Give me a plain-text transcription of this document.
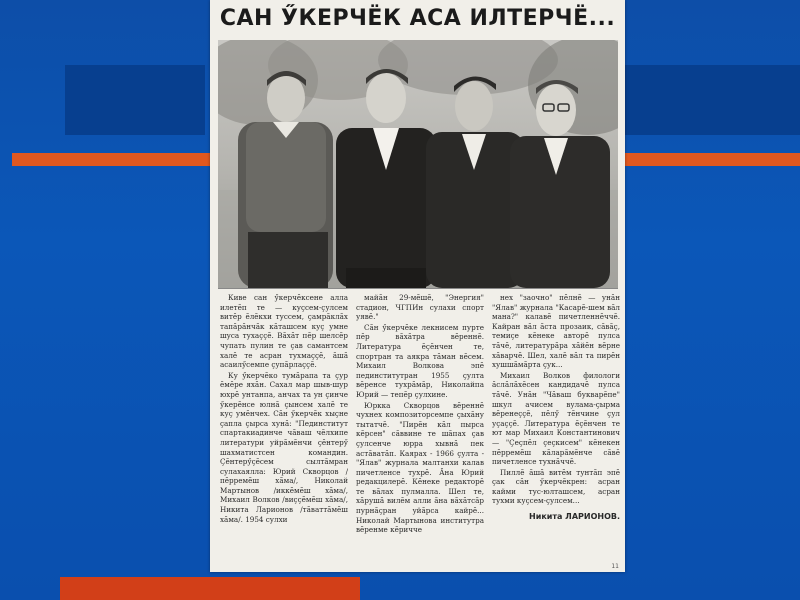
САН ӲКЕРЧЁК АСА ИЛТЕРЧЁ...

Киве сан ӳкерчӗксене алла илетӗп те — куҫсем-ҫулсем витӗр ӗлӗкхи туссем, ҫамрӑклӑх тапӑрӑнчӑк кӑтaшсем куҫ умне шуса тухаҫҫӗ. Вӑхӑт пӗр шелсӗр чупать пулин те ҫав самантсем халӗ те асран тухмаҫҫӗ, ӑшӑ асаилӳсемпе ҫупӑрлаҫҫӗ.

Ку ӳкерчӗко тумӑрапа та ҫур ӗмӗре яхӑн. Сахал мар шыв-шур юхрӗ унтанпа, анчах та ун ҫинче ӳкерӗнсе юлнӑ ҫынсем халӗ те куҫ умӗнчех. Сӑн ӳкерчӗк хыҫне ҫапла ҫырса хунӑ: "Пединститут спартакиадинче чӑваш чӗлхипе литератури уйрӑмӗнчи ҫӗнтерӳ шахматистсен командин. Ҫӗнтерӳҫӗсем сылтӑмран сулахаялла: Юрий Скворцов /пӗрремӗш хӑма/, Николай Мартынов /иккӗмӗш хӑма/, Михаил Волков /виҫҫӗмӗш хӑма/, Никита Ларионов /тӑваттӑмӗш хӑма/. 1954 сулхи

майӑн 29-мӗшӗ, "Энергия" стадион, ЧГПИн сулахи спорт уявӗ."

Сӑн ӳкерчӗке лекнисем пурте пӗр вӑхӑтра вӗреннӗ. Литература ӗҫӗнчен те, спортран та аякра тӑман вӗсем. Михаил Волкова эпӗ пединститутран 1955 ҫулта вӗренсе тухрӑмӑр, Николайпа Юрий — тепӗр ҫулхине.

Юркка Скворцов вӗреннӗ чухнех композиторсемпе ҫыхӑну тытатчӗ. "Пирӗн кӑл пырса кӗрсен" сӑввине те шӑпах ҫав ҫулсенче юрра хывнӑ пек астӑватӑп. Каярах - 1966 ҫулта - "Ялав" журнала малтанхи калав пичетленсе тухрӗ. Ӑна Юрий редакцилерӗ. Кӗнеке редакторӗ те вӑлах пулмалла. Шел те, хӑрушӑ вилӗм алли ӑна вӑхӑтсӑр пурнӑҫран уйӑрса кайрӗ... Николай Мартынова институтра вӗренме кӗричче

нех "заочно" пӗлнӗ — унӑн "Ялав" журнала "Касарӗ-шем вӑл мана?" калавӗ пичетленнӗччӗ. Кайран вӑл ӑста прозаик, сӑвӑҫ, темиҫе кӗнеке авторӗ пулса тӑчӗ, литературӑра хӑйӗн вӗрне хӑварчӗ. Шел, халӗ вӑл та пирӗн хушшӑмӑрта ҫук...

Михаил Волков филологи ӑслӑлӑхӗсен кандидачӗ пулса тӑчӗ. Унӑн "Чӑваш букварӗпе" шкул ачисем вулама-ҫырма вӗренеҫҫӗ, пӗлӳ тӗнчине ҫул уҫаҫҫӗ. Литература ӗҫӗнчен те ют мар Михаил Константинович — "Ҫеҫпӗл ҫеҫкисем" кӗнекен пӗрремӗш кӑларӑмӗнче сӑвӗ пичетленсе тухнӑччӗ.

Пиллӗ ӑшӑ витӗм тунтӑп эпӗ ҫак сӑн ӳкерчӗкрен: асран кайми тус-юлташсем, асран тухми куҫсем-ҫулсем...

Никита ЛАРИОНОВ.
11
